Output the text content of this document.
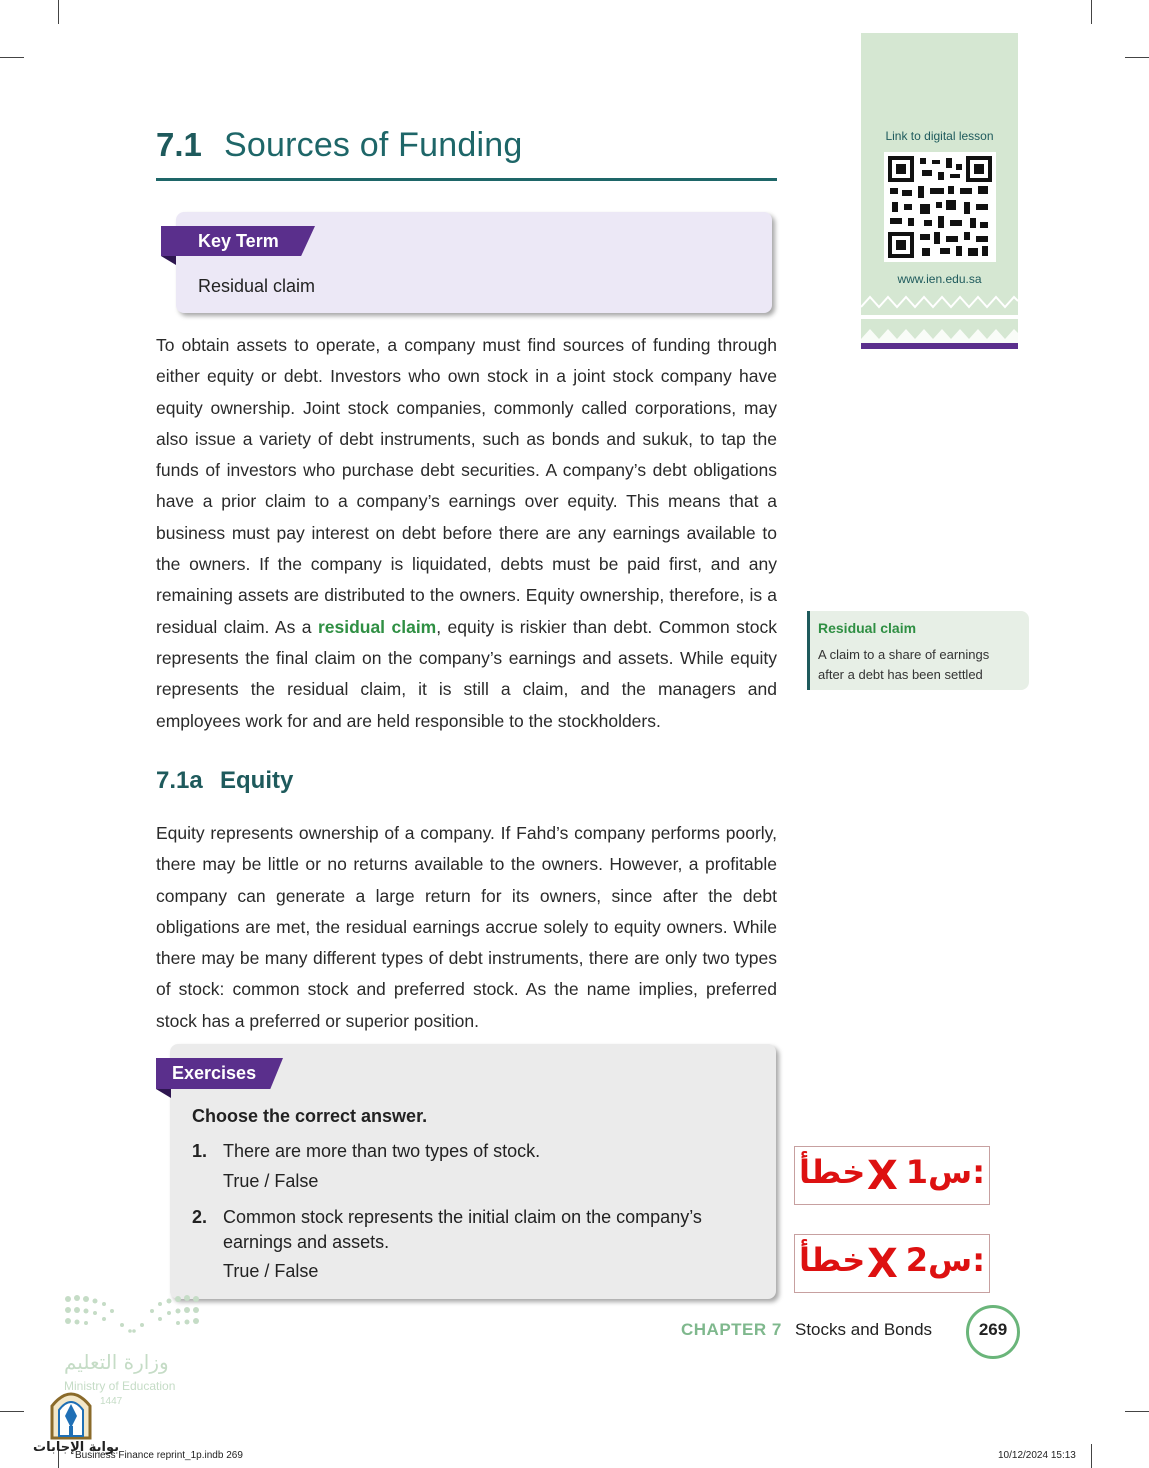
7.1 Sources of Funding
Key Term
Residual claim
To obtain assets to operate, a company must find sources of funding through either equity or debt. Investors who own stock in a joint stock company have equity ownership. Joint stock companies, commonly called corporations, may also issue a variety of debt instruments, such as bonds and sukuk, to tap the funds of investors who purchase debt securities. A company’s debt obligations have a prior claim to a company’s earnings over equity. This means that a business must pay interest on debt before there are any earnings available to the owners. If the company is liquidated, debts must be paid first, and any remaining assets are distributed to the owners. Equity ownership, therefore, is a residual claim. As a residual claim, equity is riskier than debt. Common stock represents the final claim on the company’s earnings and assets. While equity represents the residual claim, it is still a claim, and the managers and employees work for and are held responsible to the stockholders.
7.1a Equity
Equity represents ownership of a company. If Fahd’s company performs poorly, there may be little or no returns available to the owners. However, a profitable company can generate a large return for its owners, since after the debt obligations are met, the residual earnings accrue solely to equity owners. While there may be many different types of debt instruments, there are only two types of stock: common stock and preferred stock. As the name implies, preferred stock has a preferred or superior position.
Exercises
Choose the correct answer.
1. There are more than two types of stock.
True / False
2. Common stock represents the initial claim on the company’s earnings and assets.
True / False
Link to digital lesson
www.ien.edu.sa
Residual claim
A claim to a share of earnings after a debt has been settled
س1:
X
خطأ
س2:
X
خطأ
CHAPTER 7 Stocks and Bonds	269
وزارة التعليم
Ministry of Education
1447
بوابة الإجابات
Business Finance reprint_1p.indb 269	10/12/2024 15:13
